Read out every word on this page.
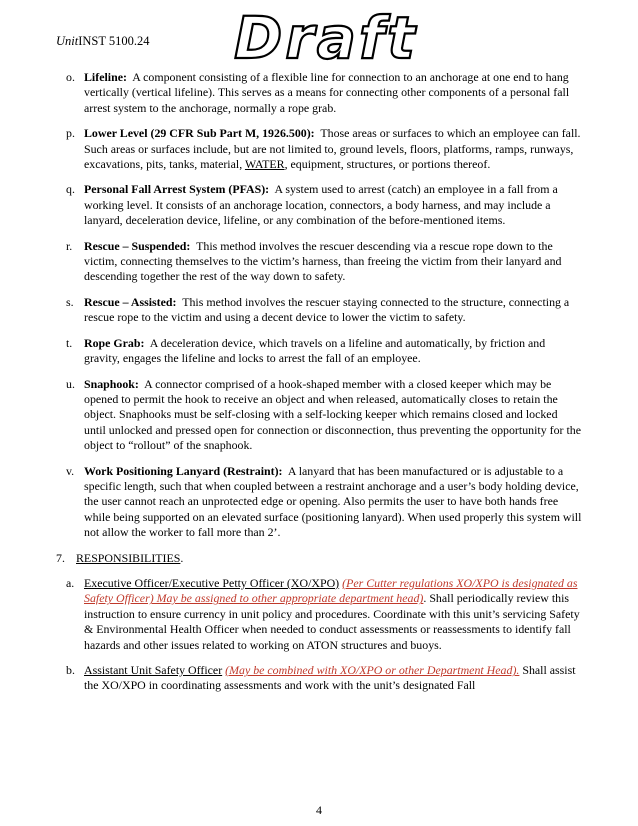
UnitINST 5100.24 Draft
o. Lifeline: A component consisting of a flexible line for connection to an anchorage at one end to hang vertically (vertical lifeline). This serves as a means for connecting other components of a personal fall arrest system to the anchorage, normally a rope grab.
p. Lower Level (29 CFR Sub Part M, 1926.500): Those areas or surfaces to which an employee can fall. Such areas or surfaces include, but are not limited to, ground levels, floors, platforms, ramps, runways, excavations, pits, tanks, material, WATER, equipment, structures, or portions thereof.
q. Personal Fall Arrest System (PFAS): A system used to arrest (catch) an employee in a fall from a working level. It consists of an anchorage location, connectors, a body harness, and may include a lanyard, deceleration device, lifeline, or any combination of the before-mentioned items.
r. Rescue – Suspended: This method involves the rescuer descending via a rescue rope down to the victim, connecting themselves to the victim’s harness, than freeing the victim from their lanyard and descending together the rest of the way down to safety.
s. Rescue – Assisted: This method involves the rescuer staying connected to the structure, connecting a rescue rope to the victim and using a decent device to lower the victim to safety.
t. Rope Grab: A deceleration device, which travels on a lifeline and automatically, by friction and gravity, engages the lifeline and locks to arrest the fall of an employee.
u. Snaphook: A connector comprised of a hook-shaped member with a closed keeper which may be opened to permit the hook to receive an object and when released, automatically closes to retain the object. Snaphooks must be self-closing with a self-locking keeper which remains closed and locked until unlocked and pressed open for connection or disconnection, thus preventing the opportunity for the object to “rollout” of the snaphook.
v. Work Positioning Lanyard (Restraint): A lanyard that has been manufactured or is adjustable to a specific length, such that when coupled between a restraint anchorage and a user’s body holding device, the user cannot reach an unprotected edge or opening. Also permits the user to have both hands free while being supported on an elevated surface (positioning lanyard). When used properly this system will not allow the worker to fall more than 2’.
7. RESPONSIBILITIES.
a. Executive Officer/Executive Petty Officer (XO/XPO) (Per Cutter regulations XO/XPO is designated as Safety Officer) May be assigned to other appropriate department head). Shall periodically review this instruction to ensure currency in unit policy and procedures. Coordinate with this unit’s servicing Safety & Environmental Health Officer when needed to conduct assessments or reassessments to identify fall hazards and other issues related to working on ATON structures and buoys.
b. Assistant Unit Safety Officer (May be combined with XO/XPO or other Department Head). Shall assist the XO/XPO in coordinating assessments and work with the unit’s designated Fall
4
